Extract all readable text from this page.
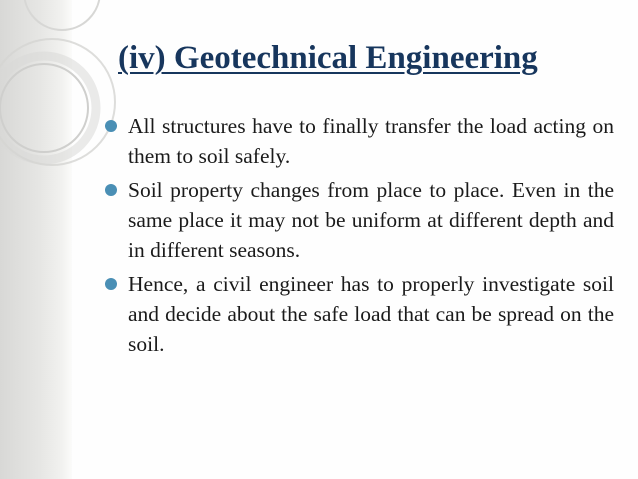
(iv) Geotechnical Engineering
All structures have to finally transfer the load acting on them to soil safely.
Soil property changes from place to place. Even in the same place it may not be uniform at different depth and in different seasons.
Hence, a civil engineer has to properly investigate soil and decide about the safe load that can be spread on the soil.
